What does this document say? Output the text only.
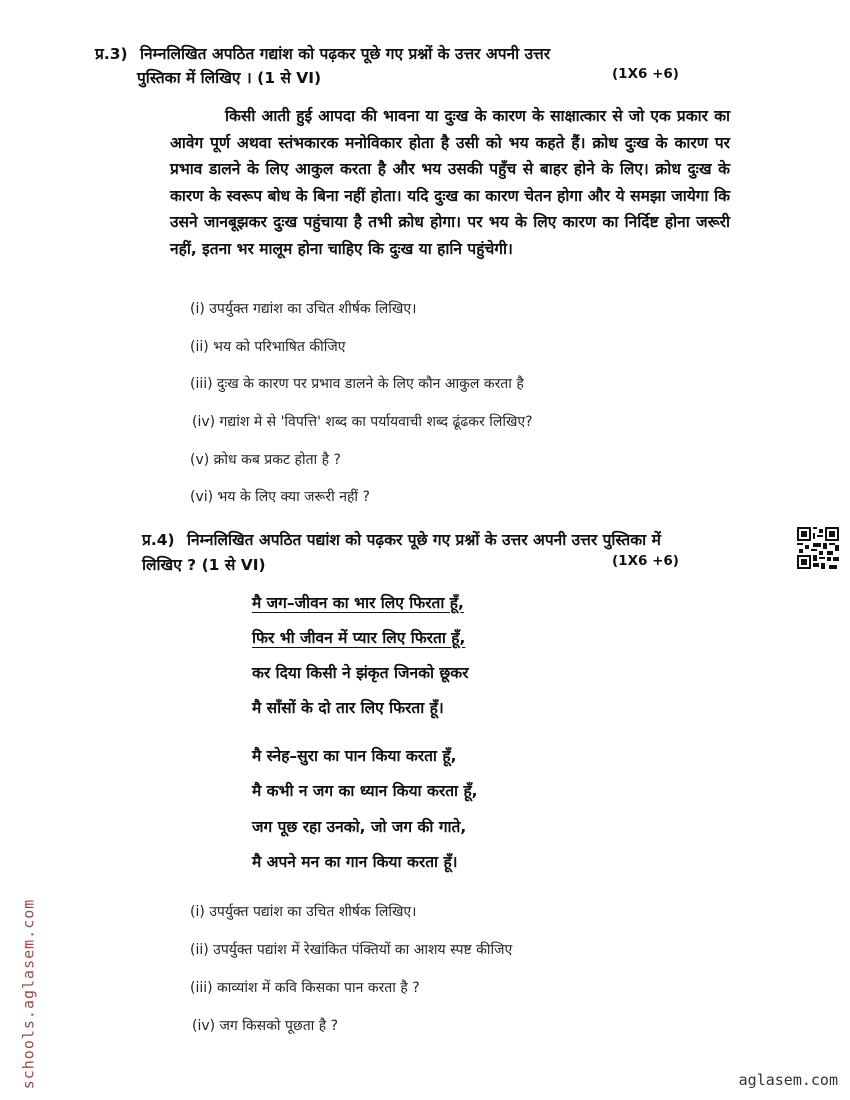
प्र.3) निम्नलिखित अपठित गद्यांश को पढ़कर पूछे गए प्रश्नों के उत्तर अपनी उत्तर
पुस्तिका में लिखिए । (1 से VI)	(1X6 +6)

किसी आती हुई आपदा की भावना या दुःख के कारण के साक्षात्कार से जो एक प्रकार का आवेग पूर्ण अथवा स्तंभकारक मनोविकार होता है उसी को भय कहते हैं। क्रोध दुःख के कारण पर प्रभाव डालने के लिए आकुल करता है और भय उसकी पहुँच से बाहर होने के लिए। क्रोध दुःख के कारण के स्वरूप बोध के बिना नहीं होता। यदि दुःख का कारण चेतन होगा और ये समझा जायेगा कि उसने जानबूझकर दुःख पहुंचाया है तभी क्रोध होगा। पर भय के लिए कारण का निर्दिष्ट होना जरूरी नहीं, इतना भर मालूम होना चाहिए कि दुःख या हानि पहुंचेगी।

(i) उपर्युक्त गद्यांश का उचित शीर्षक लिखिए।
(ii) भय को परिभाषित कीजिए
(iii) दुःख के कारण पर प्रभाव डालने के लिए कौन आकुल करता है
(iv) गद्यांश मे से 'विपत्ति' शब्द का पर्यायवाची शब्द ढूंढकर लिखिए?
(v) क्रोध कब प्रकट होता है ?
(vi) भय के लिए क्या जरूरी नहीं ?
प्र.4) निम्नलिखित अपठित पद्यांश को पढ़कर पूछे गए प्रश्नों के उत्तर अपनी उत्तर पुस्तिका में
लिखिए ? (1 से VI)	(1X6 +6)
मै जग–जीवन का भार लिए फिरता हूँ,
फिर भी जीवन में प्यार लिए फिरता हूँ,
कर दिया किसी ने झंकृत जिनको छूकर
मै साँसों के दो तार लिए फिरता हूँ।
मै स्नेह–सुरा का पान किया करता हूँ,
मै कभी न जग का ध्यान किया करता हूँ,
जग पूछ रहा उनको, जो जग की गाते,
मै अपने मन का गान किया करता हूँ।
(i) उपर्युक्त पद्यांश का उचित शीर्षक लिखिए।
(ii) उपर्युक्त पद्यांश में रेखांकित पंक्तियों का आशय स्पष्ट कीजिए
(iii) काव्यांश में कवि किसका पान करता है ?
(iv) जग किसको पूछता है ?
schools.aglasem.com	aglasem.com
